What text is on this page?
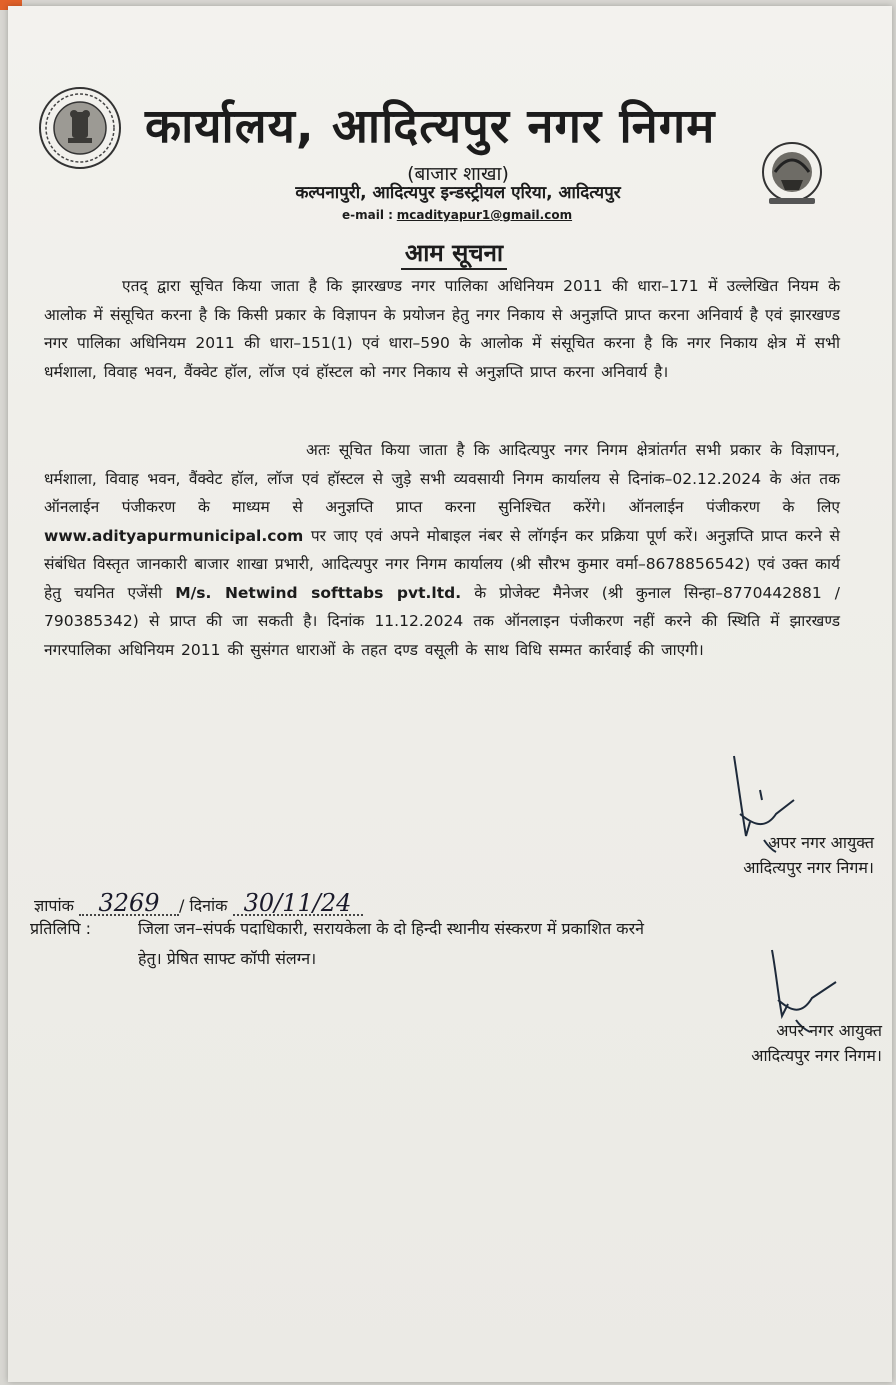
कार्यालय, आदित्यपुर नगर निगम
(बाजार शाखा)
कल्पनापुरी, आदित्यपुर इन्डस्ट्रीयल एरिया, आदित्यपुर
e-mail : mcadityapur1@gmail.com
आम सूचना
एतद् द्वारा सूचित किया जाता है कि झारखण्ड नगर पालिका अधिनियम 2011 की धारा–171 में उल्लेखित नियम के आलोक में संसूचित करना है कि किसी प्रकार के विज्ञापन के प्रयोजन हेतु नगर निकाय से अनुज्ञप्ति प्राप्त करना अनिवार्य है एवं झारखण्ड नगर पालिका अधिनियम 2011 की धारा–151(1) एवं धारा–590 के आलोक में संसूचित करना है कि नगर निकाय क्षेत्र में सभी धर्मशाला, विवाह भवन, वैंक्वेट हॉल, लॉज एवं हॉस्टल को नगर निकाय से अनुज्ञप्ति प्राप्त करना अनिवार्य है।
अतः सूचित किया जाता है कि आदित्यपुर नगर निगम क्षेत्रांतर्गत सभी प्रकार के विज्ञापन, धर्मशाला, विवाह भवन, वैंक्वेट हॉल, लॉज एवं हॉस्टल से जुड़े सभी व्यवसायी निगम कार्यालय से दिनांक–02.12.2024 के अंत तक ऑनलाईन पंजीकरण के माध्यम से अनुज्ञप्ति प्राप्त करना सुनिश्चित करेंगे। ऑनलाईन पंजीकरण के लिए www.adityapurmunicipal.com पर जाए एवं अपने मोबाइल नंबर से लॉगईन कर प्रक्रिया पूर्ण करें। अनुज्ञप्ति प्राप्त करने से संबंधित विस्तृत जानकारी बाजार शाखा प्रभारी, आदित्यपुर नगर निगम कार्यालय (श्री सौरभ कुमार वर्मा–8678856542) एवं उक्त कार्य हेतु चयनित एजेंसी M/s. Netwind softtabs pvt.ltd. के प्रोजेक्ट मैनेजर (श्री कुनाल सिन्हा–8770442881 / 790385342) से प्राप्त की जा सकती है। दिनांक 11.12.2024 तक ऑनलाइन पंजीकरण नहीं करने की स्थिति में झारखण्ड नगरपालिका अधिनियम 2011 की सुसंगत धाराओं के तहत दण्ड वसूली के साथ विधि सम्मत कार्रवाई की जाएगी।
अपर नगर आयुक्त
आदित्यपुर नगर निगम।
ज्ञापांक 3269 / दिनांक 30/11/24
प्रतिलिपि :	जिला जन–संपर्क पदाधिकारी, सरायकेला के दो हिन्दी स्थानीय संस्करण में प्रकाशित करने
हेतु। प्रेषित साफ्ट कॉपी संलग्न।
अपर नगर आयुक्त
आदित्यपुर नगर निगम।
